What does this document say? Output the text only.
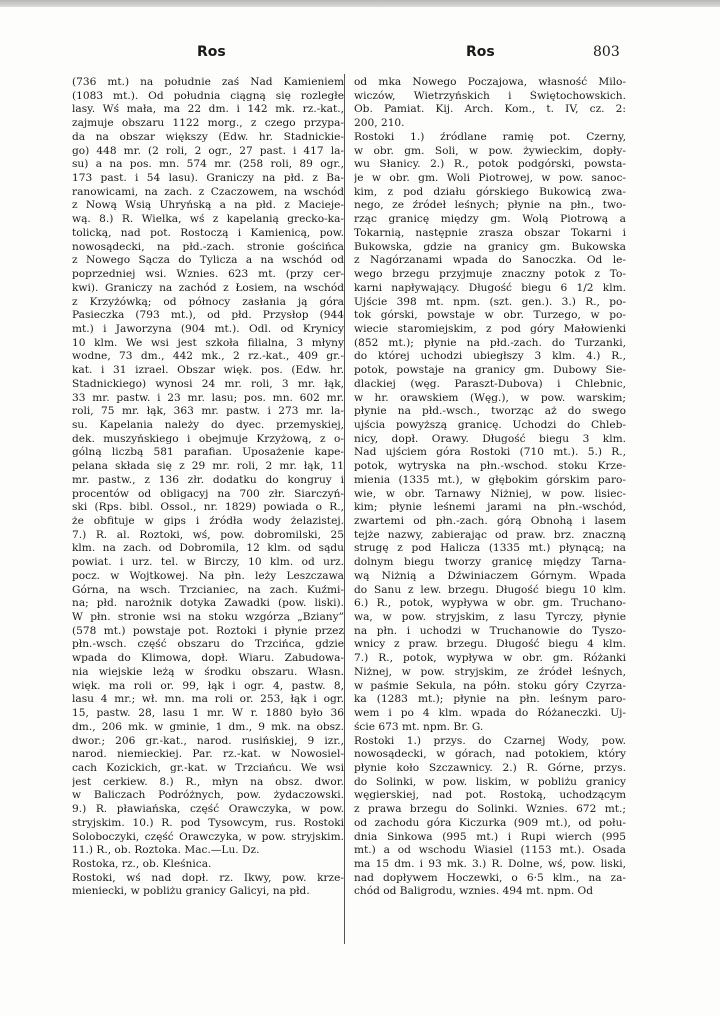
Ros	Ros	803
(736 mt.) na południe zaś Nad Kamieniem
(1083 mt.). Od południa ciągną się rozległe
lasy. Wś mała, ma 22 dm. i 142 mk. rz.-kat.,
zajmuje obszaru 1122 morg., z czego przypa-
da na obszar większy (Edw. hr. Stadnickie-
go) 448 mr. (2 roli, 2 ogr., 27 past. i 417 la-
su) a na pos. mn. 574 mr. (258 roli, 89 ogr.,
173 past. i 54 lasu). Graniczy na płd. z Ba-
ranowicami, na zach. z Czaczowem, na wschód
z Nową Wsią Uhryńską a na płd. z Macieje-
wą. 8.) R. Wielka, wś z kapelanią grecko-ka-
tolicką, nad pot. Rostoczą i Kamienicą, pow.
nowosądecki, na płd.-zach. stronie gościńca
z Nowego Sącza do Tylicza a na wschód od
poprzedniej wsi. Wznies. 623 mt. (przy cer-
kwi). Graniczy na zachód z Łosiem, na wschód
z Krzyżówką; od północy zasłania ją góra
Pasieczka (793 mt.), od płd. Przysłop (944
mt.) i Jaworzyna (904 mt.). Odl. od Krynicy
10 klm. We wsi jest szkoła filialna, 3 młyny
wodne, 73 dm., 442 mk., 2 rz.-kat., 409 gr.-
kat. i 31 izrael. Obszar więk. pos. (Edw. hr.
Stadnickiego) wynosi 24 mr. roli, 3 mr. łąk,
33 mr. pastw. i 23 mr. lasu; pos. mn. 602 mr.
roli, 75 mr. łąk, 363 mr. pastw. i 273 mr. la-
su. Kapelania należy do dyec. przemyskiej,
dek. muszyńskiego i obejmuje Krzyżową, z o-
gólną liczbą 581 parafian. Uposażenie kape-
pelana składa się z 29 mr. roli, 2 mr. łąk, 11
mr. pastw., z 136 złr. dodatku do kongruy i
procentów od obligacyj na 700 złr. Siarczyń-
ski (Rps. bibl. Ossol., nr. 1829) powiada o R.,
że obfituje w gips i źródła wody żelazistej.
7.) R. al. Roztoki, wś, pow. dobromilski, 25
klm. na zach. od Dobromila, 12 klm. od sądu
powiat. i urz. tel. w Birczy, 10 klm. od urz.
pocz. w Wojtkowej. Na płn. leży Leszczawa
Górna, na wsch. Trzcianiec, na zach. Kuźmi-
na; płd. narożnik dotyka Zawadki (pow. liski).
W płn. stronie wsi na stoku wzgórza „Bziany”
(578 mt.) powstaje pot. Roztoki i płynie przez
płn.-wsch. część obszaru do Trzcińca, gdzie
wpada do Klimowa, dopł. Wiaru. Zabudowa-
nia wiejskie leżą w środku obszaru. Własn.
więk. ma roli or. 99, łąk i ogr. 4, pastw. 8,
lasu 4 mr.; wł. mn. ma roli or. 253, łąk i ogr.
15, pastw. 28, lasu 1 mr. W r. 1880 było 36
dm., 206 mk. w gminie, 1 dm., 9 mk. na obsz.
dwor.; 206 gr.-kat., narod. rusińskiej, 9 izr.,
narod. niemieckiej. Par. rz.-kat. w Nowosiel-
cach Kozickich, gr.-kat. w Trzciańcu. We wsi
jest cerkiew. 8.) R., młyn na obsz. dwor.
w Baliczach Podróżnych, pow. żydaczowski.
9.) R. pławiańska, część Orawczyka, w pow.
stryjskim. 10.) R. pod Tysowcym, rus. Rostoki
Soloboczyki, część Orawczyka, w pow. stryjskim.
11.) R., ob. Roztoka. Mac.—Lu. Dz.
Rostoka, rz., ob. Kleśnica.
Rostoki, wś nad dopł. rz. Ikwy, pow. krze-
mieniecki, w pobliżu granicy Galicyi, na płd.
od mka Nowego Poczajowa, własność Milo-
wiczów, Wietrzyńskich i Świętochowskich.
Ob. Pamiat. Kij. Arch. Kom., t. IV, cz. 2:
200, 210.
Rostoki 1.) źródlane ramię pot. Czerny,
w obr. gm. Soli, w pow. żywieckim, dopły-
wu Słanicy. 2.) R., potok podgórski, powsta-
je w obr. gm. Woli Piotrowej, w pow. sanoc-
kim, z pod działu górskiego Bukowicą zwa-
nego, ze źródeł leśnych; płynie na płn., two-
rząc granicę między gm. Wolą Piotrową a
Tokarnią, następnie zrasza obszar Tokarni i
Bukowska, gdzie na granicy gm. Bukowska
z Nagórzanami wpada do Sanoczka. Od le-
wego brzegu przyjmuje znaczny potok z To-
karni napływający. Długość biegu 6 1/2 klm.
Ujście 398 mt. npm. (szt. gen.). 3.) R., po-
tok górski, powstaje w obr. Turzego, w po-
wiecie staromiejskim, z pod góry Małowienki
(852 mt.); płynie na płd.-zach. do Turzanki,
do której uchodzi ubiegłszy 3 klm. 4.) R.,
potok, powstaje na granicy gm. Dubowy Sie-
dlackiej (węg. Paraszt-Dubova) i Chlebnic,
w hr. orawskiem (Węg.), w pow. warskim;
płynie na płd.-wsch., tworząc aż do swego
ujścia powyższą granicę. Uchodzi do Chleb-
nicy, dopł. Orawy. Długość biegu 3 klm.
Nad ujściem góra Rostoki (710 mt.). 5.) R.,
potok, wytryska na płn.-wschod. stoku Krze-
mienia (1335 mt.), w głębokim górskim paro-
wie, w obr. Tarnawy Niżniej, w pow. lisiec-
kim; płynie leśnemi jarami na płn.-wschód,
zwartemi od płn.-zach. górą Obnohą i lasem
tejże nazwy, zabierając od praw. brz. znaczną
strugę z pod Halicza (1335 mt.) płynącą; na
dolnym biegu tworzy granicę między Tarna-
wą Niżnią a Dźwiniaczem Górnym. Wpada
do Sanu z lew. brzegu. Długość biegu 10 klm.
6.) R., potok, wypływa w obr. gm. Truchano-
wa, w pow. stryjskim, z lasu Tyrczy, płynie
na płn. i uchodzi w Truchanowie do Tyszo-
wnicy z praw. brzegu. Długość biegu 4 klm.
7.) R., potok, wypływa w obr. gm. Różanki
Niżnej, w pow. stryjskim, ze źródeł leśnych,
w paśmie Sekula, na półn. stoku góry Czyrza-
ka (1283 mt.); płynie na płn. leśnym paro-
wem i po 4 klm. wpada do Różaneczki. Uj-
ście 673 mt. npm. Br. G.
Rostoki 1.) przys. do Czarnej Wody, pow.
nowosądecki, w górach, nad potokiem, który
płynie koło Szczawnicy. 2.) R. Górne, przys.
do Solinki, w pow. liskim, w pobliżu granicy
węgierskiej, nad pot. Rostoką, uchodzącym
z prawa brzegu do Solinki. Wznies. 672 mt.;
od zachodu góra Kiczurka (909 mt.), od połu-
dnia Sinkowa (995 mt.) i Rupi wierch (995
mt.) a od wschodu Wiasiel (1153 mt.). Osada
ma 15 dm. i 93 mk. 3.) R. Dolne, wś, pow. liski,
nad dopływem Hoczewki, o 6·5 klm., na za-
chód od Baligrodu, wznies. 494 mt. npm. Od
